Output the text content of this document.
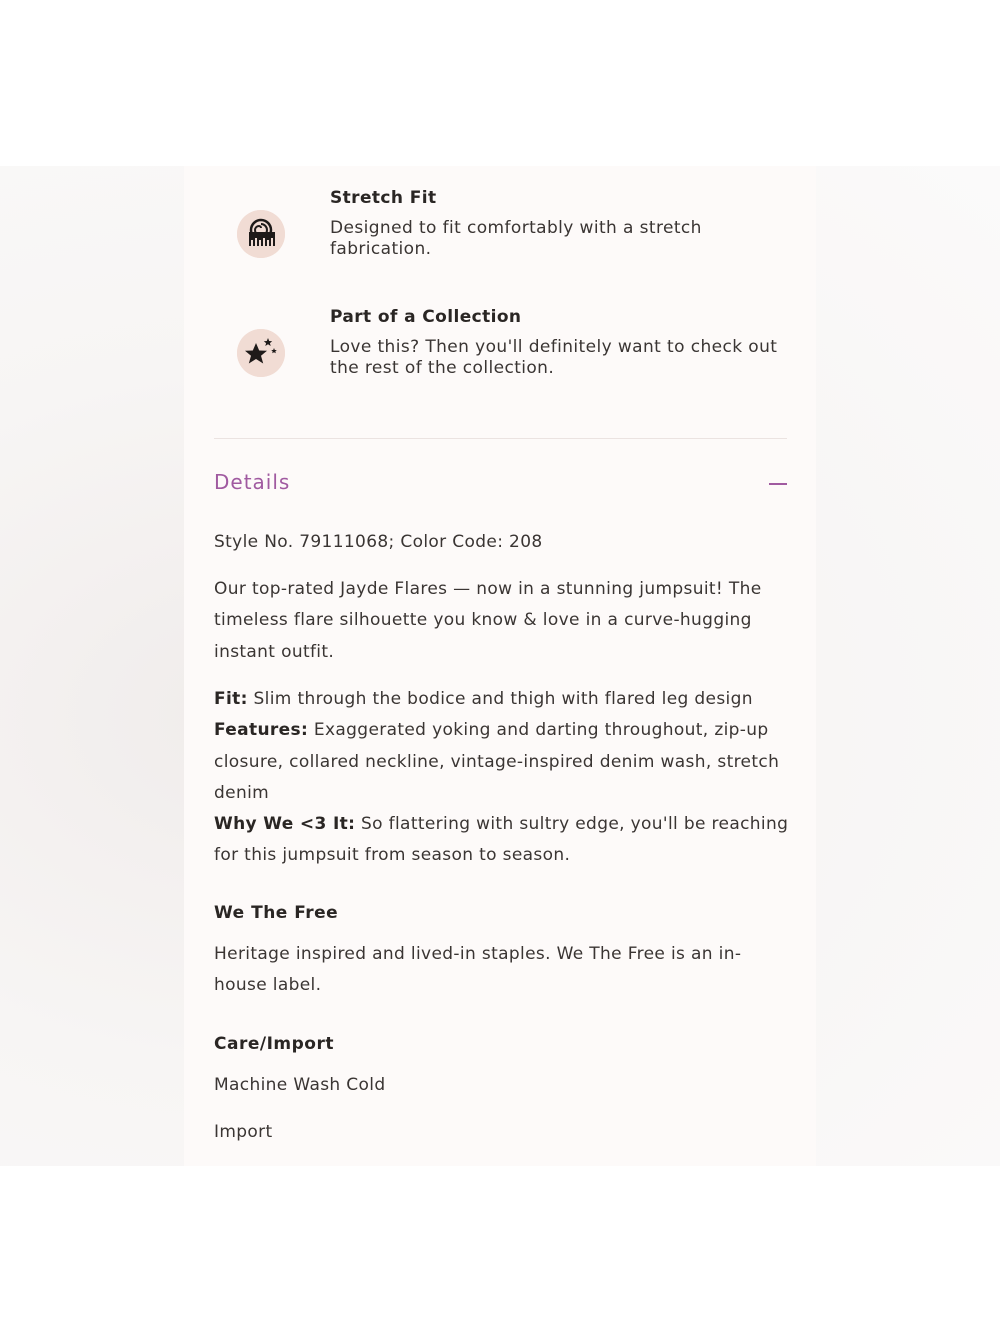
Stretch Fit
Designed to fit comfortably with a stretch fabrication.
Part of a Collection
Love this? Then you'll definitely want to check out the rest of the collection.
Details
Style No. 79111068; Color Code: 208
Our top-rated Jayde Flares — now in a stunning jumpsuit! The timeless flare silhouette you know & love in a curve-hugging instant outfit.
Fit: Slim through the bodice and thigh with flared leg design
Features: Exaggerated yoking and darting throughout, zip-up closure, collared neckline, vintage-inspired denim wash, stretch denim
Why We <3 It: So flattering with sultry edge, you'll be reaching for this jumpsuit from season to season.
We The Free
Heritage inspired and lived-in staples. We The Free is an in-house label.
Care/Import
Machine Wash Cold
Import
